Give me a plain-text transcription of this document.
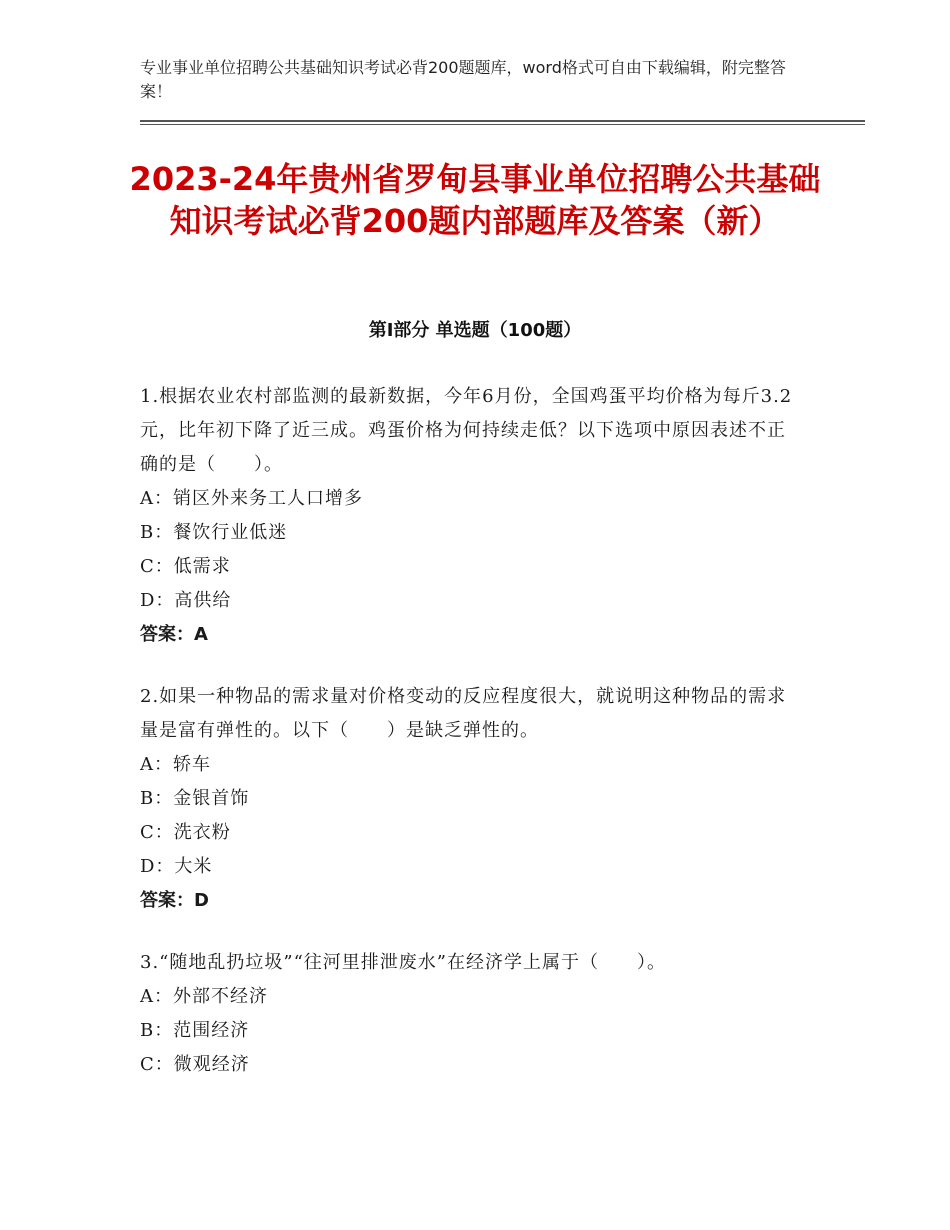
专业事业单位招聘公共基础知识考试必背200题题库，word格式可自由下载编辑，附完整答案！
2023-24年贵州省罗甸县事业单位招聘公共基础知识考试必背200题内部题库及答案（新）
第Ⅰ部分 单选题（100题）
1.根据农业农村部监测的最新数据，今年6月份，全国鸡蛋平均价格为每斤3.2元，比年初下降了近三成。鸡蛋价格为何持续走低？以下选项中原因表述不正确的是（　　）。
A：销区外来务工人口增多
B：餐饮行业低迷
C：低需求
D：高供给
答案：A
2.如果一种物品的需求量对价格变动的反应程度很大，就说明这种物品的需求量是富有弹性的。以下（　　）是缺乏弹性的。
A：轿车
B：金银首饰
C：洗衣粉
D：大米
答案：D
3.“随地乱扔垃圾”“往河里排泄废水”在经济学上属于（　　）。
A：外部不经济
B：范围经济
C：微观经济
